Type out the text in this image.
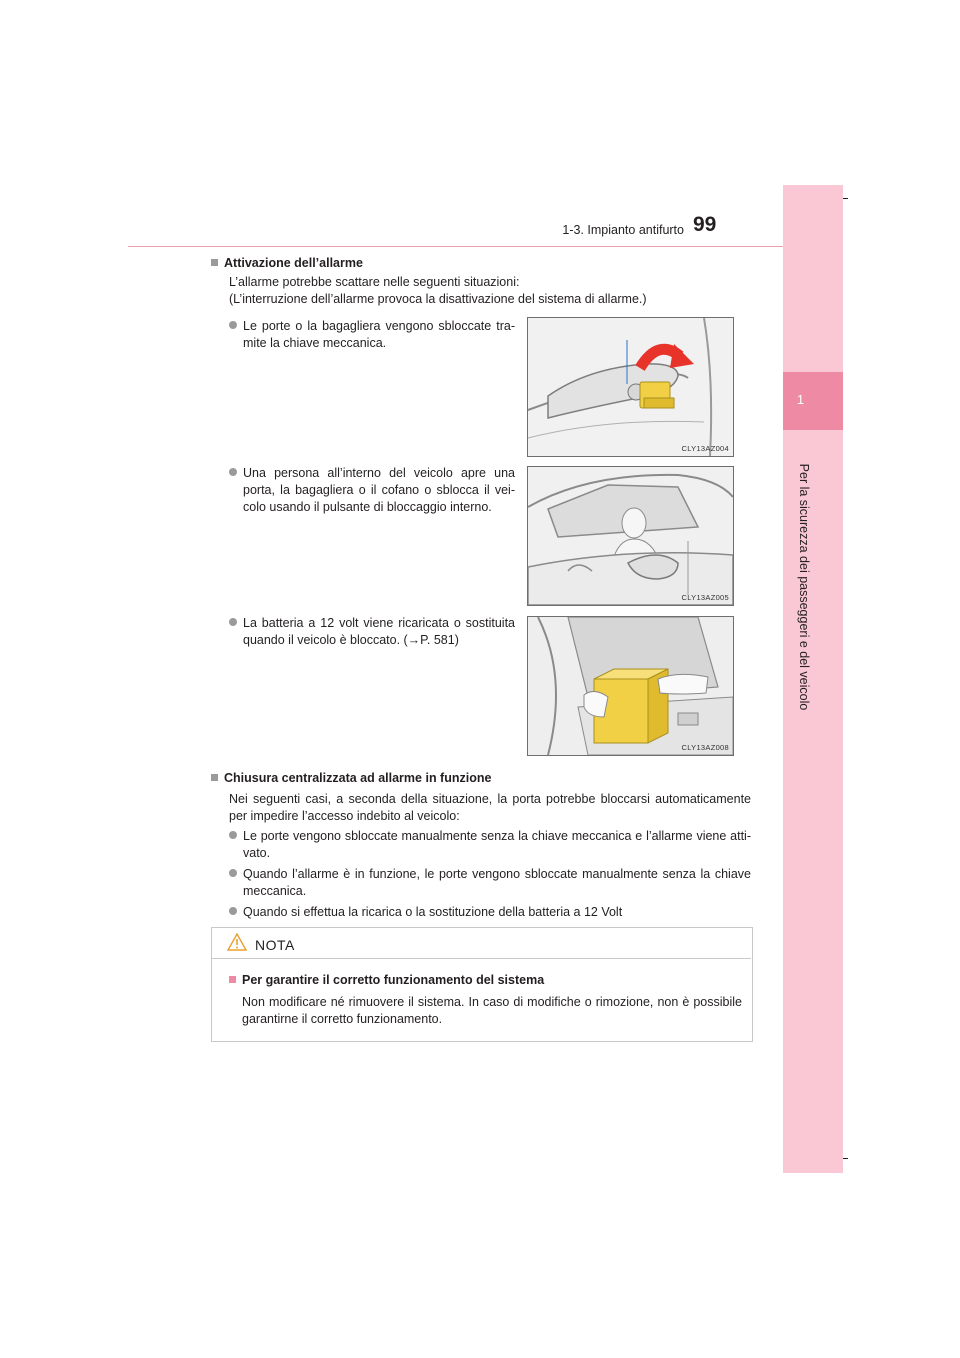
1
Per la sicurezza dei passeggeri e del veicolo
1-3. Impianto antifurto 99
Attivazione dell’allarme
L’allarme potrebbe scattare nelle seguenti situazioni:
(L’interruzione dell’allarme provoca la disattivazione del sistema di allarme.)
Le porte o la bagagliera vengono sbloccate tra-
mite la chiave meccanica.
CLY13AZ004
Una persona all’interno del veicolo apre una
porta, la bagagliera o il cofano o sblocca il vei-
colo usando il pulsante di bloccaggio interno.
CLY13AZ005
La batteria a 12 volt viene ricaricata o sostituita
quando il veicolo è bloccato. (→P. 581)
CLY13AZ008
Chiusura centralizzata ad allarme in funzione
Nei seguenti casi, a seconda della situazione, la porta potrebbe bloccarsi automaticamente
per impedire l’accesso indebito al veicolo:
Le porte vengono sbloccate manualmente senza la chiave meccanica e l’allarme viene atti-
vato.
Quando l’allarme è in funzione, le porte vengono sbloccate manualmente senza la chiave
meccanica.
Quando si effettua la ricarica o la sostituzione della batteria a 12 Volt
NOTA
Per garantire il corretto funzionamento del sistema
Non modificare né rimuovere il sistema. In caso di modifiche o rimozione, non è possibile
garantirne il corretto funzionamento.
